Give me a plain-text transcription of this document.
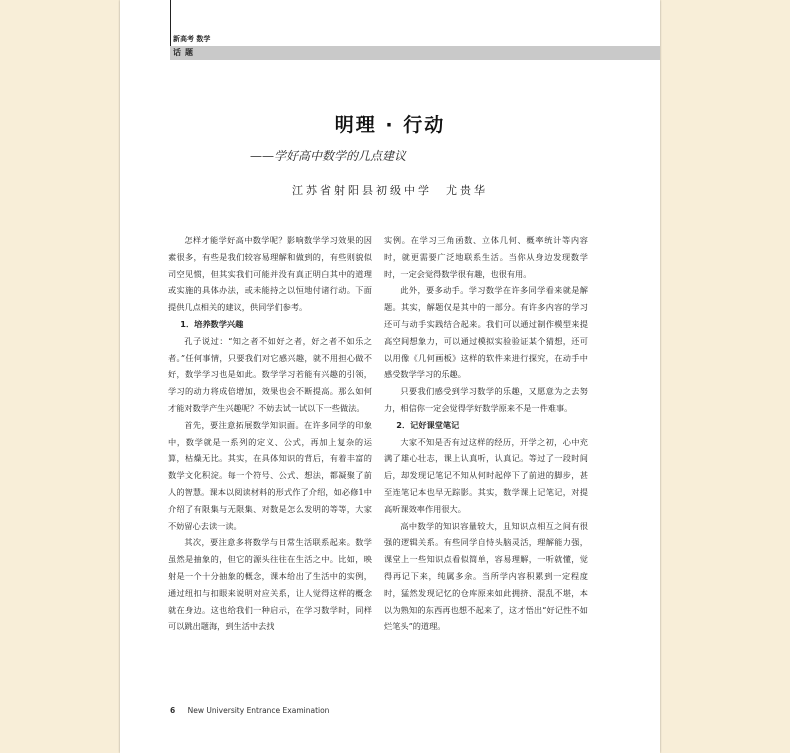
新高考 数学
话题
明理 · 行动
——学好高中数学的几点建议
江苏省射阳县初级中学　尤贵华

怎样才能学好高中数学呢？影响数学学习效果的因素很多，有些是我们较容易理解和做到的，有些则貌似司空见惯，但其实我们可能并没有真正明白其中的道理或实施的具体办法，或未能持之以恒地付诸行动。下面提供几点相关的建议，供同学们参考。

1．培养数学兴趣

孔子说过：“知之者不如好之者，好之者不如乐之者。”任何事情，只要我们对它感兴趣，就不用担心做不好，数学学习也是如此。数学学习若能有兴趣的引领，学习的动力将成倍增加，效果也会不断提高。那么如何才能对数学产生兴趣呢？不妨去试一试以下一些做法。

首先，要注意拓展数学知识面。在许多同学的印象中，数学就是一系列的定义、公式，再加上复杂的运算，枯燥无比。其实，在具体知识的背后，有着丰富的数学文化积淀。每一个符号、公式、想法，都凝聚了前人的智慧。课本以阅读材料的形式作了介绍，如必修1中介绍了有限集与无限集、对数是怎么发明的等等，大家不妨留心去读一读。

其次，要注意多将数学与日常生活联系起来。数学虽然是抽象的，但它的源头往往在生活之中。比如，映射是一个十分抽象的概念，课本给出了生活中的实例，通过纽扣与扣眼来说明对应关系，让人觉得这样的概念就在身边。这也给我们一种启示，在学习数学时，同样可以跳出题海，到生活中去找

实例。在学习三角函数、立体几何、概率统计等内容时，就更需要广泛地联系生活。当你从身边发现数学时，一定会觉得数学很有趣，也很有用。

此外，要多动手。学习数学在许多同学看来就是解题。其实，解题仅是其中的一部分。有许多内容的学习还可与动手实践结合起来。我们可以通过制作模型来提高空间想象力，可以通过模拟实验验证某个猜想，还可以用像《几何画板》这样的软件来进行探究，在动手中感受数学学习的乐趣。

只要我们感受到学习数学的乐趣，又愿意为之去努力，相信你一定会觉得学好数学原来不是一件难事。

2．记好课堂笔记

大家不知是否有过这样的经历，开学之初，心中充满了雄心壮志，课上认真听，认真记。等过了一段时间后，却发现记笔记不知从何时起停下了前进的脚步，甚至连笔记本也早无踪影。其实，数学课上记笔记，对提高听课效率作用很大。

高中数学的知识容量较大，且知识点相互之间有很强的逻辑关系。有些同学自恃头脑灵活，理解能力强，课堂上一些知识点看似简单，容易理解，一听就懂，觉得再记下来，纯属多余。当所学内容积累到一定程度时，猛然发现记忆的仓库原来如此拥挤、混乱不堪，本以为熟知的东西再也想不起来了，这才悟出“好记性不如烂笔头”的道理。

6 New University Entrance Examination
